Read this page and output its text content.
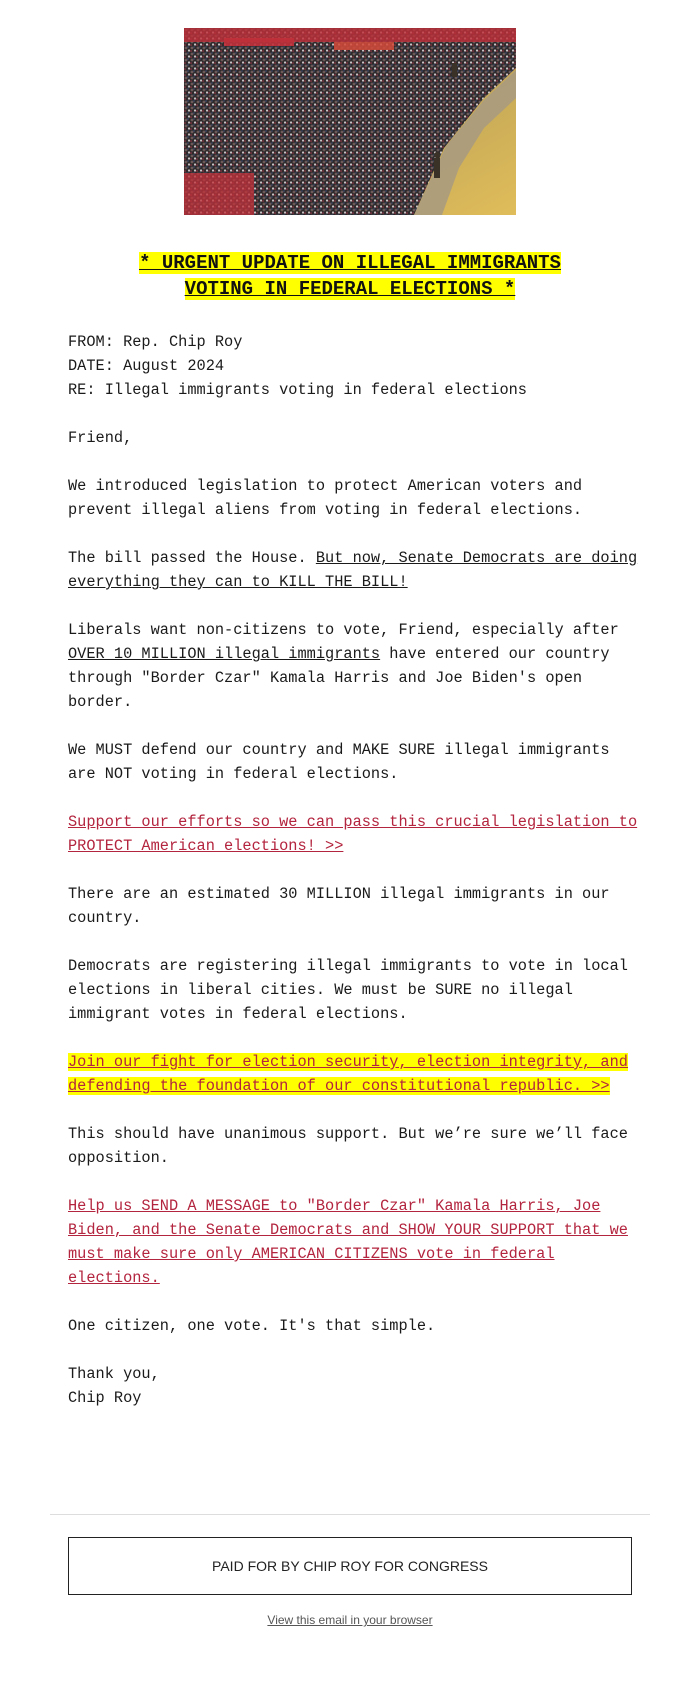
* URGENT UPDATE ON ILLEGAL IMMIGRANTS
VOTING IN FEDERAL ELECTIONS *

FROM: Rep. Chip Roy
DATE: August 2024
RE: Illegal immigrants voting in federal elections

Friend,

We introduced legislation to protect American voters and prevent illegal aliens from voting in federal elections.

The bill passed the House. But now, Senate Democrats are doing everything they can to KILL THE BILL!

Liberals want non-citizens to vote, Friend, especially after OVER 10 MILLION illegal immigrants have entered our country through "Border Czar" Kamala Harris and Joe Biden's open border.

We MUST defend our country and MAKE SURE illegal immigrants are NOT voting in federal elections.

Support our efforts so we can pass this crucial legislation to PROTECT American elections! >>

There are an estimated 30 MILLION illegal immigrants in our country.

Democrats are registering illegal immigrants to vote in local elections in liberal cities. We must be SURE no illegal immigrant votes in federal elections.

Join our fight for election security, election integrity, and defending the foundation of our constitutional republic. >>

This should have unanimous support. But we’re sure we’ll face opposition.

Help us SEND A MESSAGE to "Border Czar" Kamala Harris, Joe Biden, and the Senate Democrats and SHOW YOUR SUPPORT that we must make sure only AMERICAN CITIZENS vote in federal elections.

One citizen, one vote. It's that simple.

Thank you,
Chip Roy

PAID FOR BY CHIP ROY FOR CONGRESS
View this email in your browser
